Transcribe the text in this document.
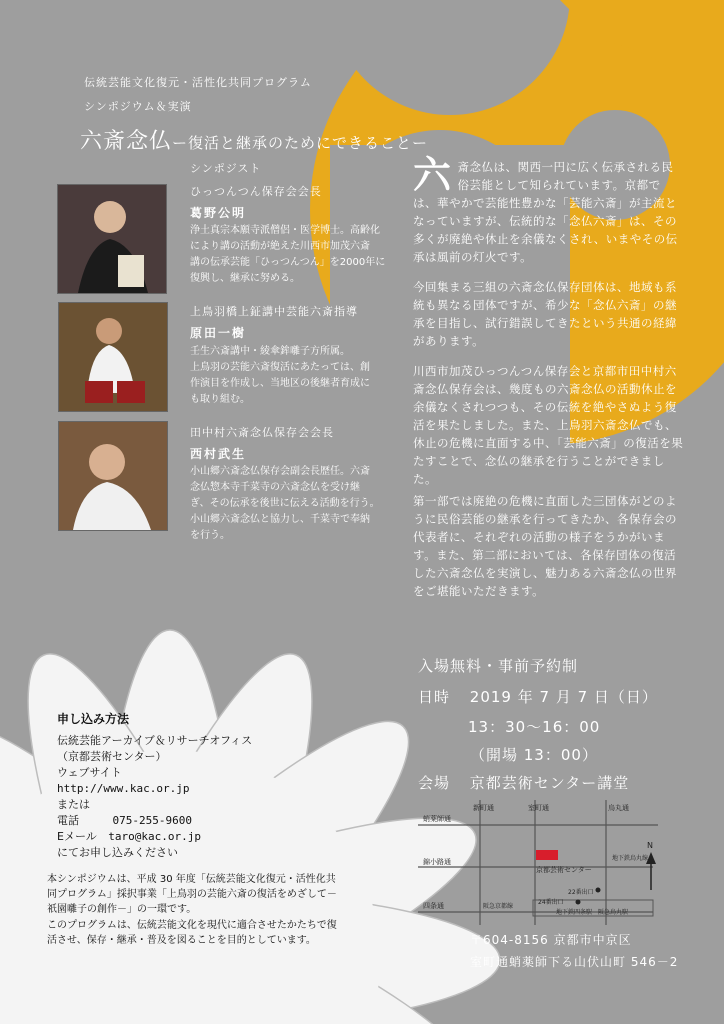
伝統芸能文化復元・活性化共同プログラム
シンポジウム＆実演
六斎念仏ー復活と継承のためにできることー
シンポジスト
ひっつんつん保存会会長
葛野公明
浄土真宗本願寺派僧侶・医学博士。高齢化
により講の活動が絶えた川西市加茂六斎
講の伝承芸能「ひっつんつん」を2000年に
復興し、継承に努める。
上鳥羽橋上鉦講中芸能六斎指導
原田一樹
壬生六斎講中・綾傘鉾囃子方所属。
上鳥羽の芸能六斎復活にあたっては、創
作演目を作成し、当地区の後継者育成に
も取り組む。
田中村六斎念仏保存会会長
西村武生
小山郷六斎念仏保存会副会長歴任。六斎
念仏惣本寺千菜寺の六斎念仏を受け継
ぎ、その伝承を後世に伝える活動を行う。
小山郷六斎念仏と協力し、千菜寺で奉納
を行う。
六斎念仏は、関西一円に広く伝承される民俗芸能として知られています。京都では、華やかで芸能性豊かな「芸能六斎」が主流となっていますが、伝統的な「念仏六斎」は、その多くが廃絶や休止を余儀なくされ、いまやその伝承は風前の灯火です。
今回集まる三組の六斎念仏保存団体は、地域も系統も異なる団体ですが、希少な「念仏六斎」の継承を目指し、試行錯誤してきたという共通の経緯があります。
川西市加茂ひっつんつん保存会と京都市田中村六斎念仏保存会は、幾度もの六斎念仏の活動休止を余儀なくされつつも、その伝統を絶やさぬよう復活を果たしました。また、上鳥羽六斎念仏でも、休止の危機に直面する中、「芸能六斎」の復活を果たすことで、念仏の継承を行うことができました。
第一部では廃絶の危機に直面した三団体がどのように民俗芸能の継承を行ってきたか、各保存会の代表者に、それぞれの活動の様子をうかがいます。また、第二部においては、各保存団体の復活した六斎念仏を実演し、魅力ある六斎念仏の世界をご堪能いただきます。
入場無料・事前予約制
日時 2019 年 7 月 7 日（日）
13：30〜16：00
（開場 13：00）
会場 京都芸術センター講堂
蛸薬師通
錦小路通
四条通
新町通	室町通	烏丸通
京都芸術センター
22番出口
24番出口
阪急京都線
地下鉄四条駅 阪急烏丸駅
地下鉄烏丸線
N
〒604-8156 京都市中京区
室町通蛸薬師下る山伏山町 546－2
申し込み方法
伝統芸能アーカイブ＆リサーチオフィス
（京都芸術センター）
ウェブサイト
http://www.kac.or.jp
または
電話	075-255-9600
Eメール taro@kac.or.jp
にてお申し込みください
本シンポジウムは、平成 30 年度「伝統芸能文化復元・活性化共同プログラム」採択事業「上鳥羽の芸能六斎の復活をめざして－祇園囃子の創作－」の一環です。
このプログラムは、伝統芸能文化を現代に適合させたかたちで復活させ、保存・継承・普及を図ることを目的としています。
